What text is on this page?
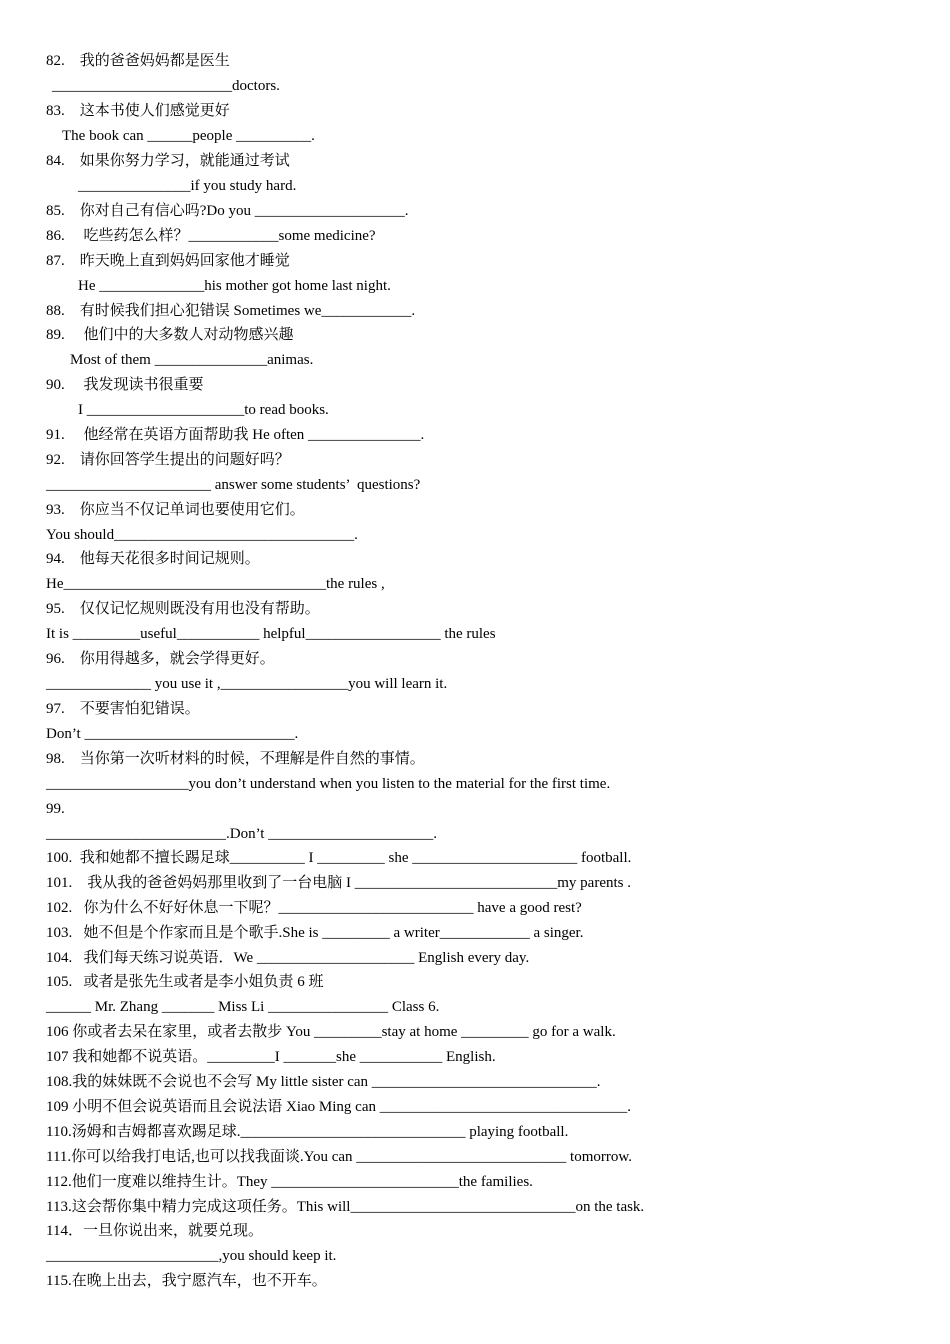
82.    我的爸爸妈妈都是医生
________________________doctors.
83.    这本书使人们感觉更好
The book can ______people __________.
84.    如果你努力学习，就能通过考试
_______________if you study hard.
85.    你对自己有信心吗?Do you ____________________.
86.     吃些药怎么样？____________some medicine?
87.    昨天晚上直到妈妈回家他才睡觉
He ______________his mother got home last night.
88.    有时候我们担心犯错误 Sometimes we____________.
89.     他们中的大多数人对动物感兴趣
Most of them _______________animas.
90.     我发现读书很重要
I _____________________to read books.
91.     他经常在英语方面帮助我 He often _______________.
92.    请你回答学生提出的问题好吗？
______________________ answer some students’  questions?
93.    你应当不仅记单词也要使用它们。
You should________________________________.
94.    他每天花很多时间记规则。
He___________________________________the rules ,
95.    仅仅记忆规则既没有用也没有帮助。
It is _________useful___________ helpful__________________ the rules
96.    你用得越多，就会学得更好。
______________ you use it ,_________________you will learn it.
97.    不要害怕犯错误。
Don’t ____________________________.
98.    当你第一次听材料的时候，不理解是件自然的事情。
___________________you don’t understand when you listen to the material for the first time.
99.
________________________.Don’t ______________________.
100.  我和她都不擅长踢足球__________ I _________ she ______________________ football.
101.    我从我的爸爸妈妈那里收到了一台电脑 I ___________________________my parents .
102.   你为什么不好好休息一下呢？__________________________ have a good rest?
103.   她不但是个作家而且是个歌手.She is _________ a writer____________ a singer.
104.   我们每天练习说英语．We _____________________ English every day.
105.   或者是张先生或者是李小姐负责 6 班
______ Mr. Zhang _______ Miss Li ________________ Class 6.
106 你或者去呆在家里，或者去散步 You _________stay at home _________ go for a walk.
107 我和她都不说英语。_________I _______she ___________ English.
108.我的妹妹既不会说也不会写 My little sister can ______________________________.
109 小明不但会说英语而且会说法语 Xiao Ming can _________________________________.
110.汤姆和吉姆都喜欢踢足球.______________________________ playing football.
111.你可以给我打电话,也可以找我面谈.You can ____________________________ tomorrow.
112.他们一度难以维持生计。They _________________________the families.
113.这会帮你集中精力完成这项任务。This will______________________________on the task.
114．一旦你说出来，就要兑现。
_______________________,you should keep it.
115.在晚上出去，我宁愿汽车，也不开车。
